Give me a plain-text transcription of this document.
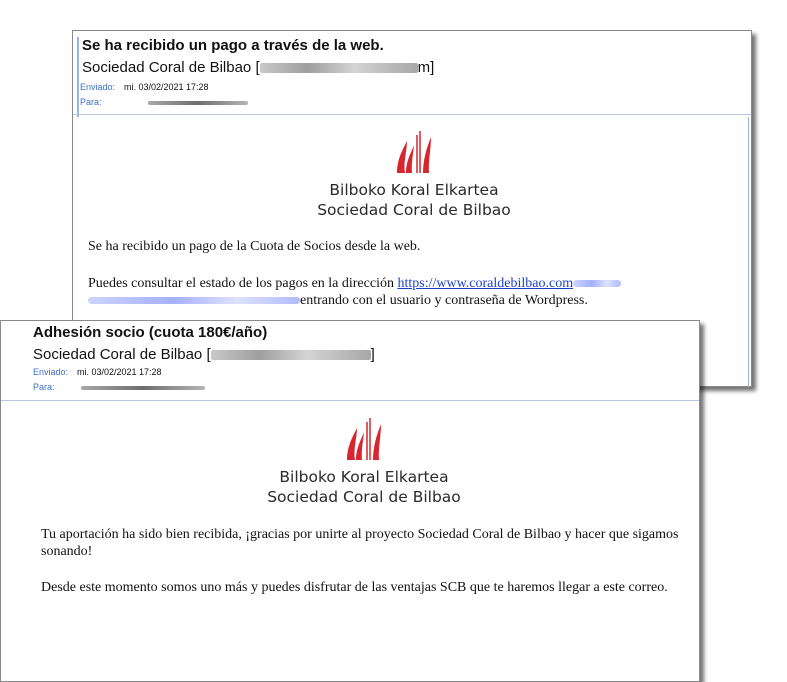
Se ha recibido un pago a través de la web.
Sociedad Coral de Bilbao [	m]
Enviado: mi. 03/02/2021 17:28
Para:
Bilboko Koral Elkartea
Sociedad Coral de Bilbao
Se ha recibido un pago de la Cuota de Socios desde la web.
Puedes consultar el estado de los pagos en la dirección https://www.coraldebilbao.com
entrando con el usuario y contraseña de Wordpress.
Adhesión socio (cuota 180€/año)
Sociedad Coral de Bilbao [	]
Enviado: mi. 03/02/2021 17:28
Para:
Bilboko Koral Elkartea
Sociedad Coral de Bilbao
Tu aportación ha sido bien recibida, ¡gracias por unirte al proyecto Sociedad Coral de Bilbao y hacer que sigamos sonando!
Desde este momento somos uno más y puedes disfrutar de las ventajas SCB que te haremos llegar a este correo.
